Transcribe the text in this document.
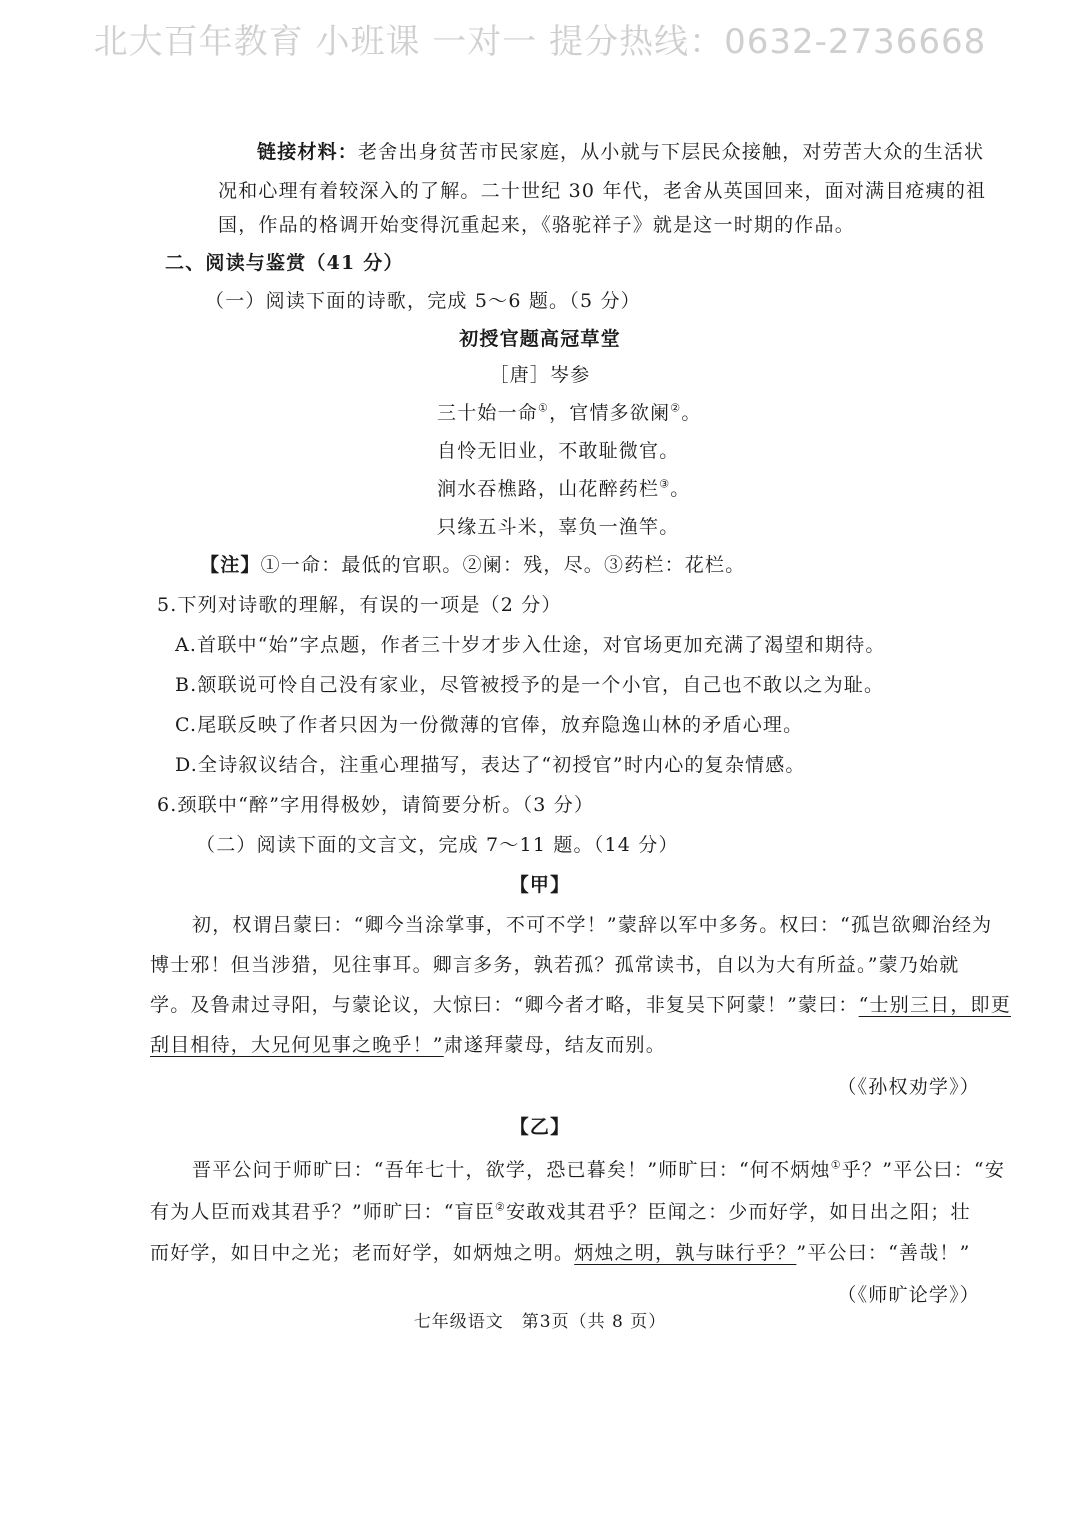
北大百年教育 小班课 一对一 提分热线：0632-2736668
链接材料：老舍出身贫苦市民家庭，从小就与下层民众接触，对劳苦大众的生活状
况和心理有着较深入的了解。二十世纪 30 年代，老舍从英国回来，面对满目疮痍的祖
国，作品的格调开始变得沉重起来，《骆驼祥子》就是这一时期的作品。
二、阅读与鉴赏（41 分）
（一）阅读下面的诗歌，完成 5～6 题。（5 分）
初授官题高冠草堂
［唐］岑参
三十始一命①，官情多欲阑②。
自怜无旧业，不敢耻微官。
涧水吞樵路，山花醉药栏③。
只缘五斗米，辜负一渔竿。
【注】①一命：最低的官职。②阑：残，尽。③药栏：花栏。
5.下列对诗歌的理解，有误的一项是（2 分）
A.首联中“始”字点题，作者三十岁才步入仕途，对官场更加充满了渴望和期待。
B.颔联说可怜自己没有家业，尽管被授予的是一个小官，自己也不敢以之为耻。
C.尾联反映了作者只因为一份微薄的官俸，放弃隐逸山林的矛盾心理。
D.全诗叙议结合，注重心理描写，表达了“初授官”时内心的复杂情感。
6.颈联中“醉”字用得极妙，请简要分析。（3 分）
（二）阅读下面的文言文，完成 7～11 题。（14 分）
【甲】
初，权谓吕蒙曰：“卿今当涂掌事，不可不学！”蒙辞以军中多务。权曰：“孤岂欲卿治经为
博士邪！但当涉猎，见往事耳。卿言多务，孰若孤？孤常读书，自以为大有所益。”蒙乃始就
学。及鲁肃过寻阳，与蒙论议，大惊曰：“卿今者才略，非复吴下阿蒙！”蒙曰：“士别三日，即更
刮目相待，大兄何见事之晚乎！”肃遂拜蒙母，结友而别。
（《孙权劝学》）
【乙】
晋平公问于师旷曰：“吾年七十，欲学，恐已暮矣！”师旷曰：“何不炳烛①乎？”平公曰：“安
有为人臣而戏其君乎？”师旷曰：“盲臣②安敢戏其君乎？臣闻之：少而好学，如日出之阳；壮
而好学，如日中之光；老而好学，如炳烛之明。炳烛之明，孰与昧行乎？”平公曰：“善哉！”
（《师旷论学》）
七年级语文　第3页（共 8 页）
